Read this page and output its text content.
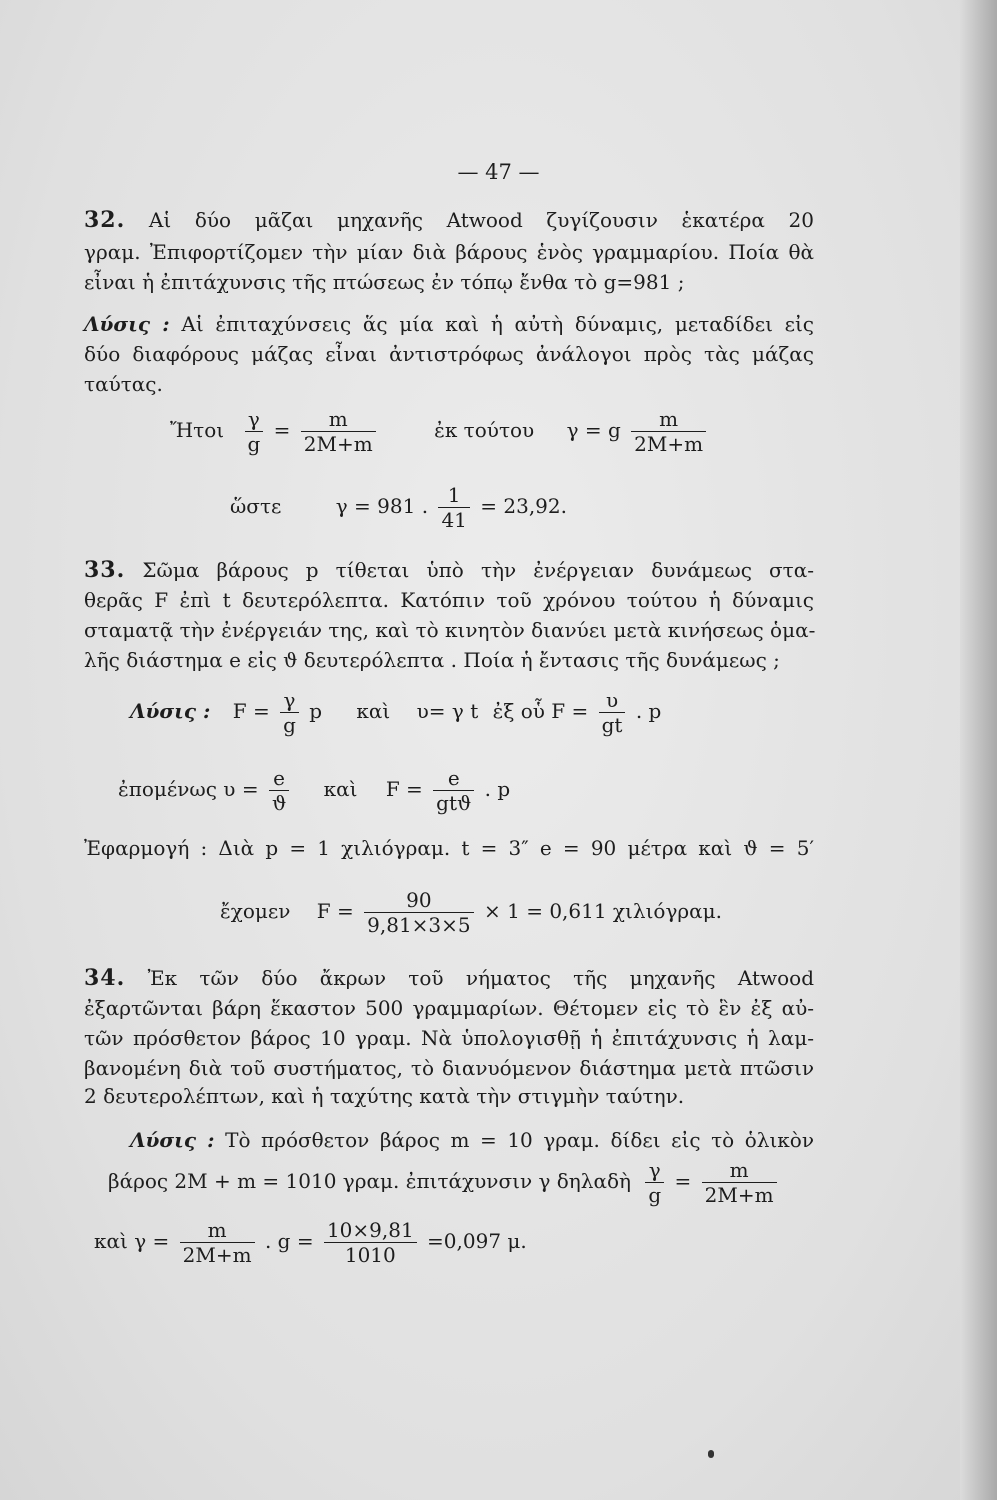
— 47 —
32. Αἱ δύο μᾶζαι μηχανῆς Atwood ζυγίζουσιν ἑκατέρα 20
γραμ. Ἐπιφορτίζομεν τὴν μίαν διὰ βάρους ἑνὸς γραμμαρίου. Ποία θὰ
εἶναι ἡ ἐπιτάχυνσις τῆς πτώσεως ἐν τόπῳ ἔνθα τὸ g=981 ;
Λύσις : Αἱ ἐπιταχύνσεις ἅς μία καὶ ἡ αὐτὴ δύναμις, μεταδίδει εἰς
δύο διαφόρους μάζας εἶναι ἀντιστρόφως ἀνάλογοι πρὸς τὰς μάζας
ταύτας.
Ἤτοι $\frac{\gamma}{g} = \frac{m}{2M+m}$	ἐκ τούτου γ = g $\frac{m}{2M+m}$
ὥστε	γ = 981 . $\frac{1}{41} = 23,92$.
33. Σῶμα βάρους p τίθεται ὑπὸ τὴν ἐνέργειαν δυνάμεως στα-
θερᾶς F ἐπὶ t δευτερόλεπτα. Κατόπιν τοῦ χρόνου τούτου ἡ δύναμις
σταματᾷ τὴν ἐνέργειάν της, καὶ τὸ κινητὸν διανύει μετὰ κινήσεως ὁμα-
λῆς διάστημα e εἰς ϑ δευτερόλεπτα . Ποία ἡ ἔντασις τῆς δυνάμεως ;
Λύσις : $F = \frac{\gamma}{g}$ p καὶ υ= γ t ἐξ οὗ $F = \frac{\upsilon}{gt}$ . p
ἐπομένως $\upsilon = \frac{e}{ϑ}$ καὶ $F = \frac{e}{\text{gtϑ}}$ . p
Ἐφαρμογή : Διὰ p = 1 χιλιόγραμ. t = 3″ e = 90 μέτρα καὶ ϑ = 5′
ἔχομεν $F = \frac{90}{9,81\times 3\times 5} \times 1 = 0,611$ χιλιόγραμ.
34. Ἐκ τῶν δύο ἄκρων τοῦ νήματος τῆς μηχανῆς Atwood
ἐξαρτῶνται βάρη ἕκαστον 500 γραμμαρίων. Θέτομεν εἰς τὸ ἓν ἐξ αὐ-
τῶν πρόσθετον βάρος 10 γραμ. Νὰ ὑπολογισθῇ ἡ ἐπιτάχυνσις ἡ λαμ-
βανομένη διὰ τοῦ συστήματος, τὸ διανυόμενον διάστημα μετὰ πτῶσιν
2 δευτερολέπτων, καὶ ἡ ταχύτης κατὰ τὴν στιγμὴν ταύτην.
Λύσις : Τὸ πρόσθετον βάρος m = 10 γραμ. δίδει εἰς τὸ ὁλικὸν
βάρος 2M + m = 1010 γραμ. ἐπιτάχυνσιν γ δηλαδὴ $\frac{\gamma}{g} = \frac{m}{2M+m}$
καὶ $\gamma = \frac{m}{2M+m}$ . $g = \frac{10\times 9,81}{1010} =0,097$ μ.
